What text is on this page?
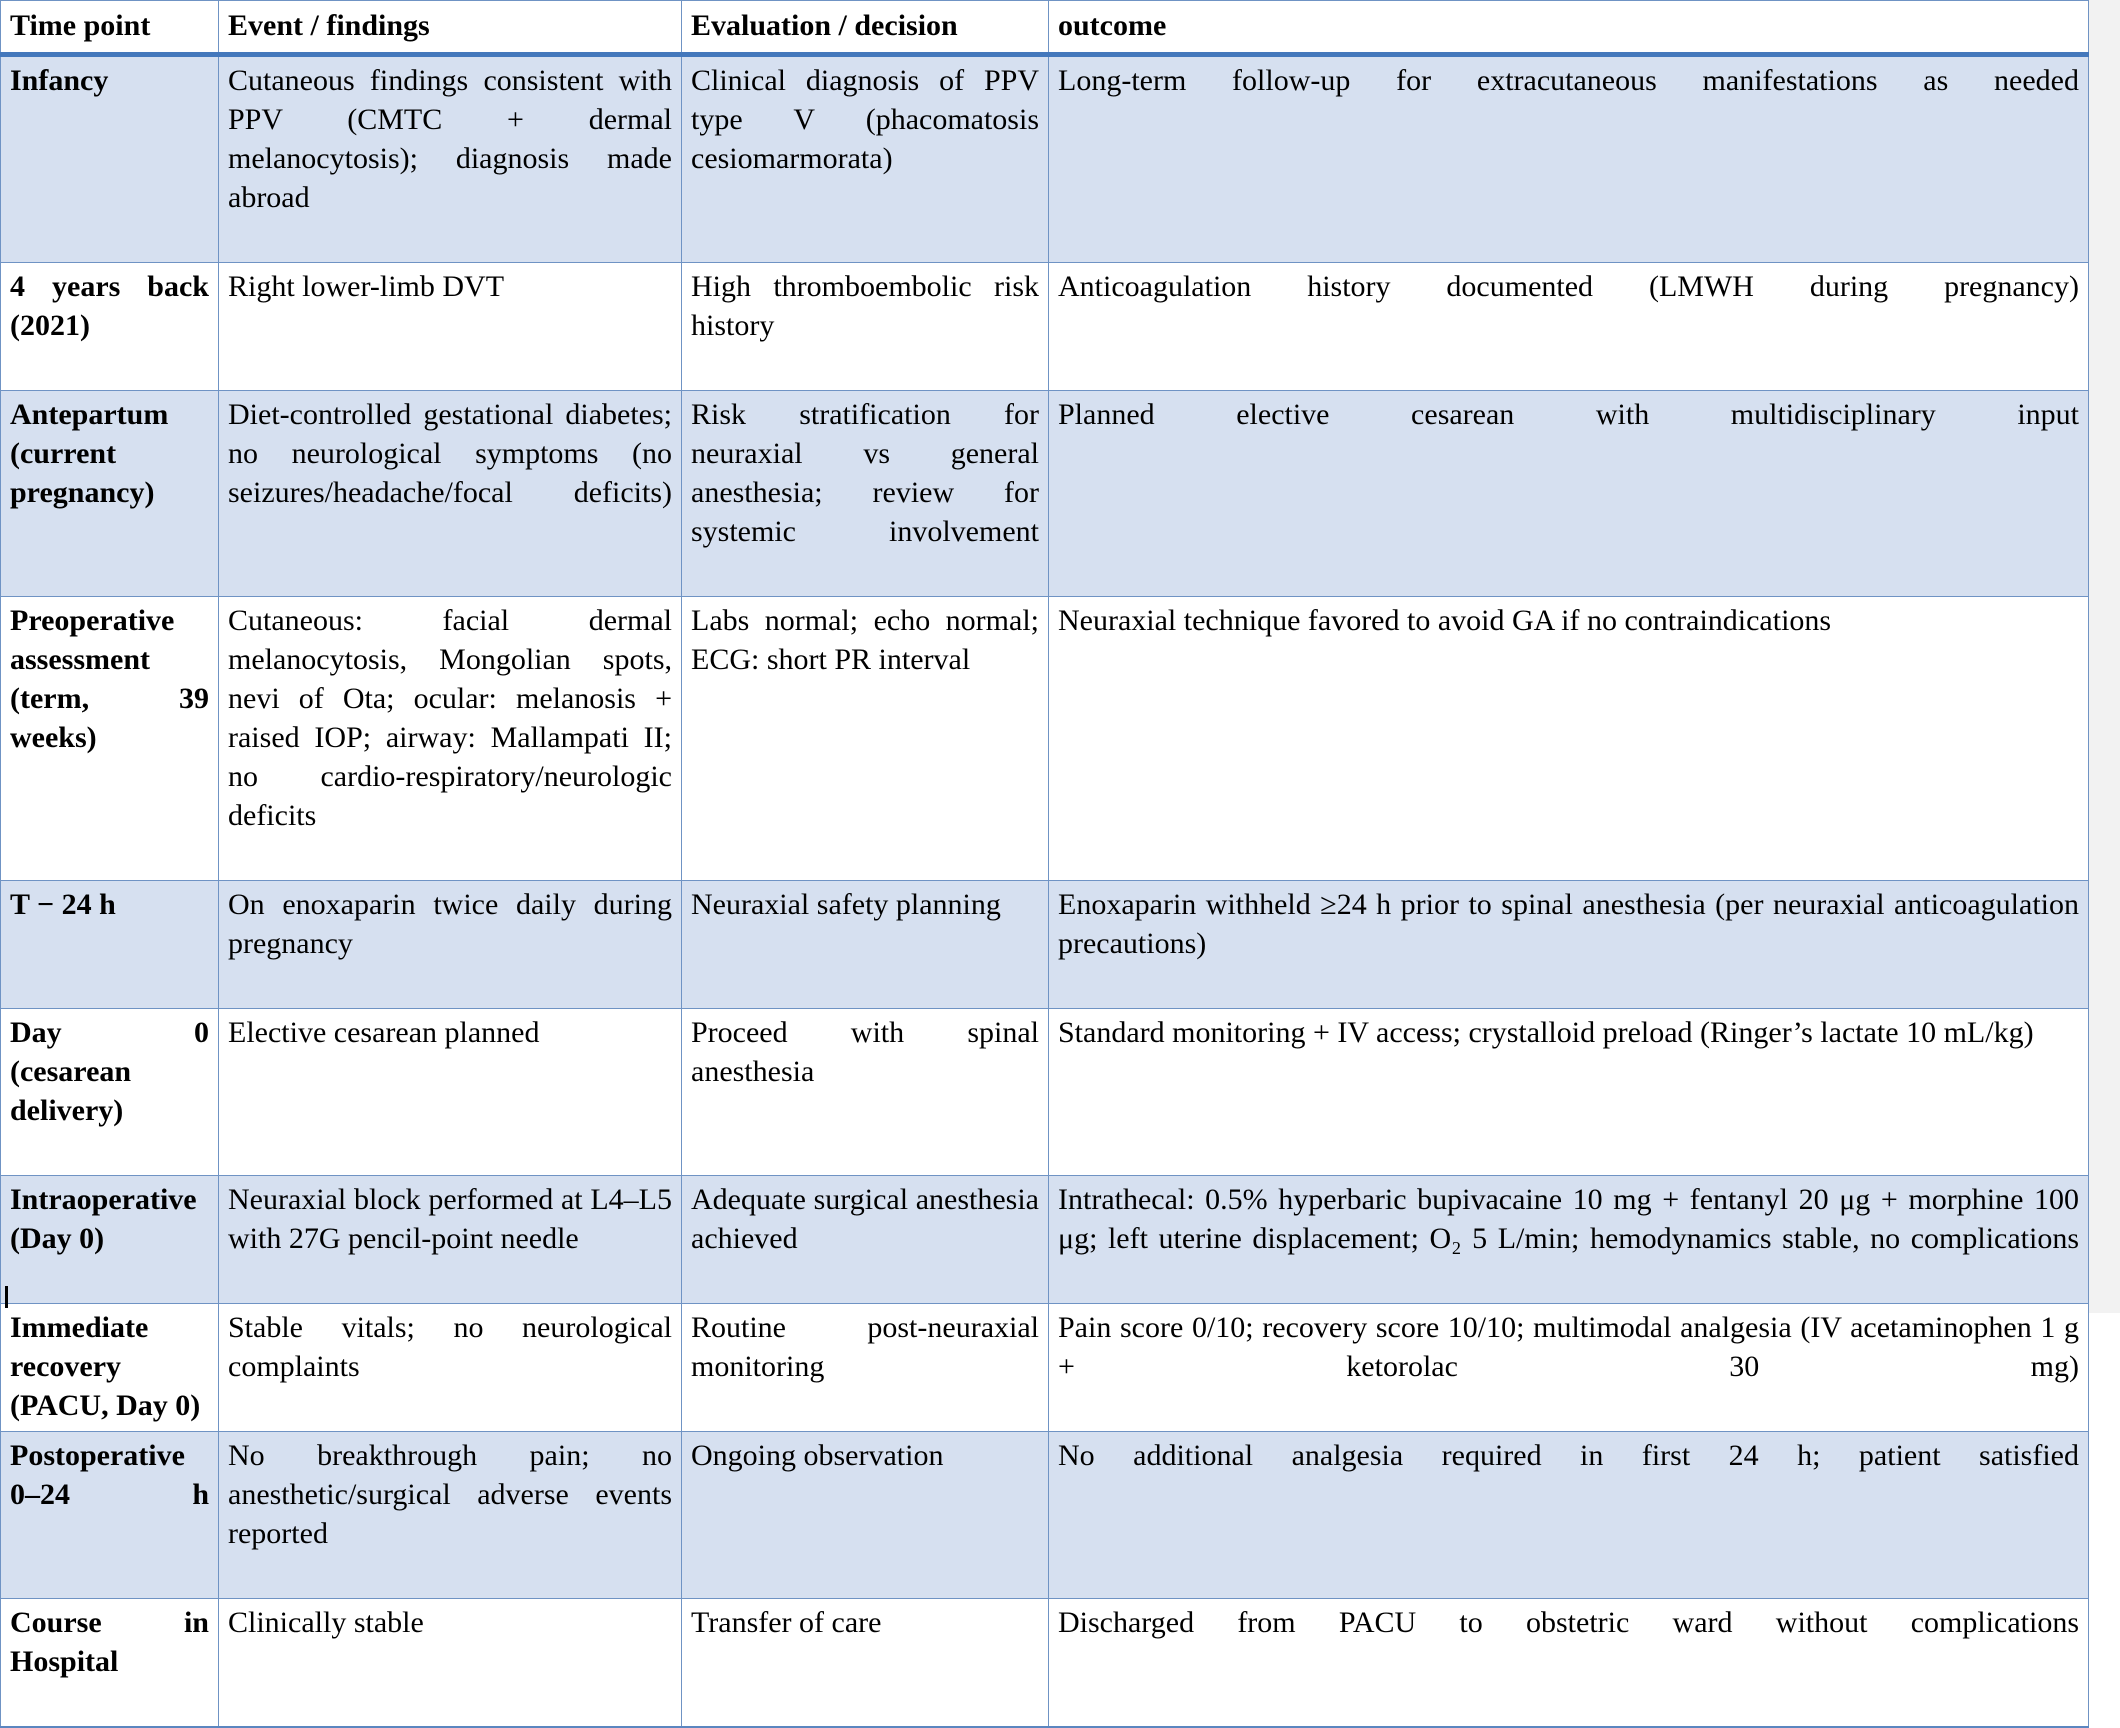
Time point	Event / findings	Evaluation / decision	outcome

Infancy	Cutaneous findings consistent with PPV (CMTC + dermal melanocytosis); diagnosis made abroad	Clinical diagnosis of PPV type V (phacomatosis cesiomarmorata)	Long-term follow-up for extracutaneous manifestations as needed

4 years back (2021)	Right lower-limb DVT	High thromboembolic risk history	Anticoagulation history documented (LMWH during pregnancy)

Antepartum (current pregnancy)	Diet-controlled gestational diabetes; no neurological symptoms (no seizures/headache/focal deficits)	Risk stratification for neuraxial vs general anesthesia; review for systemic involvement	Planned elective cesarean with multidisciplinary input

Preoperative assessment (term, 39 weeks)	Cutaneous: facial dermal melanocytosis, Mongolian spots, nevi of Ota; ocular: melanosis + raised IOP; airway: Mallampati II; no cardio-respiratory/neurologic deficits	Labs normal; echo normal; ECG: short PR interval	Neuraxial technique favored to avoid GA if no contraindications

T − 24 h	On enoxaparin twice daily during pregnancy	Neuraxial safety planning	Enoxaparin withheld ≥24 h prior to spinal anesthesia (per neuraxial anticoagulation precautions)

Day 0 (cesarean delivery)	Elective cesarean planned	Proceed with spinal anesthesia	Standard monitoring + IV access; crystalloid preload (Ringer’s lactate 10 mL/kg)

Intraoperative (Day 0)	Neuraxial block performed at L4–L5 with 27G pencil-point needle	Adequate surgical anesthesia achieved	Intrathecal: 0.5% hyperbaric bupivacaine 10 mg + fentanyl 20 μg + morphine 100 μg; left uterine displacement; O₂ 5 L/min; hemodynamics stable, no complications

Immediate recovery (PACU, Day 0)	Stable vitals; no neurological complaints	Routine post-neuraxial monitoring	Pain score 0/10; recovery score 10/10; multimodal analgesia (IV acetaminophen 1 g + ketorolac 30 mg)

Postoperative 0–24 h	No breakthrough pain; no anesthetic/surgical adverse events reported	Ongoing observation	No additional analgesia required in first 24 h; patient satisfied

Course in Hospital	Clinically stable	Transfer of care	Discharged from PACU to obstetric ward without complications
